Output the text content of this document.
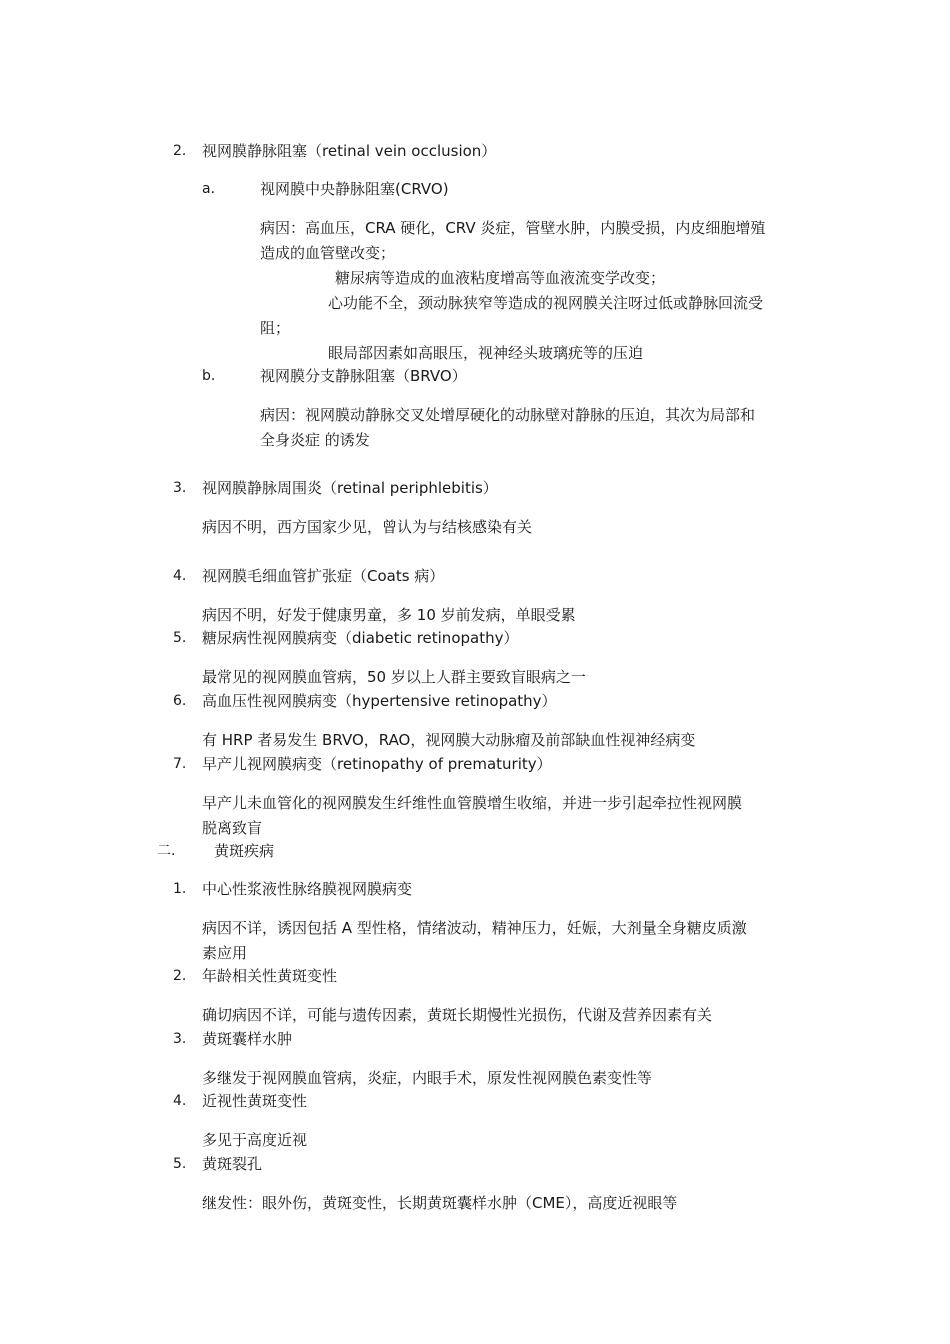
2. 视网膜静脉阻塞（retinal vein occlusion）
a． 视网膜中央静脉阻塞(CRVO)
病因：高血压，CRA 硬化，CRV 炎症，管壁水肿，内膜受损，内皮细胞增殖
造成的血管壁改变；
糖尿病等造成的血液粘度增高等血液流变学改变；
心功能不全，颈动脉狭窄等造成的视网膜关注呀过低或静脉回流受
阻；
眼局部因素如高眼压，视神经头玻璃疣等的压迫
b． 视网膜分支静脉阻塞（BRVO）
病因：视网膜动静脉交叉处增厚硬化的动脉壁对静脉的压迫，其次为局部和
全身炎症 的诱发
3. 视网膜静脉周围炎（retinal periphlebitis）
病因不明，西方国家少见，曾认为与结核感染有关
4. 视网膜毛细血管扩张症（Coats 病）
病因不明，好发于健康男童，多 10 岁前发病，单眼受累
5. 糖尿病性视网膜病变（diabetic retinopathy）
最常见的视网膜血管病，50 岁以上人群主要致盲眼病之一
6. 高血压性视网膜病变（hypertensive retinopathy）
有 HRP 者易发生 BRVO，RAO，视网膜大动脉瘤及前部缺血性视神经病变
7. 早产儿视网膜病变（retinopathy of prematurity）
早产儿未血管化的视网膜发生纤维性血管膜增生收缩，并进一步引起牵拉性视网膜
脱离致盲
二． 黄斑疾病
1. 中心性浆液性脉络膜视网膜病变
病因不详，诱因包括 A 型性格，情绪波动，精神压力，妊娠，大剂量全身糖皮质激
素应用
2. 年龄相关性黄斑变性
确切病因不详，可能与遗传因素，黄斑长期慢性光损伤，代谢及营养因素有关
3. 黄斑囊样水肿
多继发于视网膜血管病，炎症，内眼手术，原发性视网膜色素变性等
4. 近视性黄斑变性
多见于高度近视
5. 黄斑裂孔
继发性：眼外伤，黄斑变性，长期黄斑囊样水肿（CME），高度近视眼等
